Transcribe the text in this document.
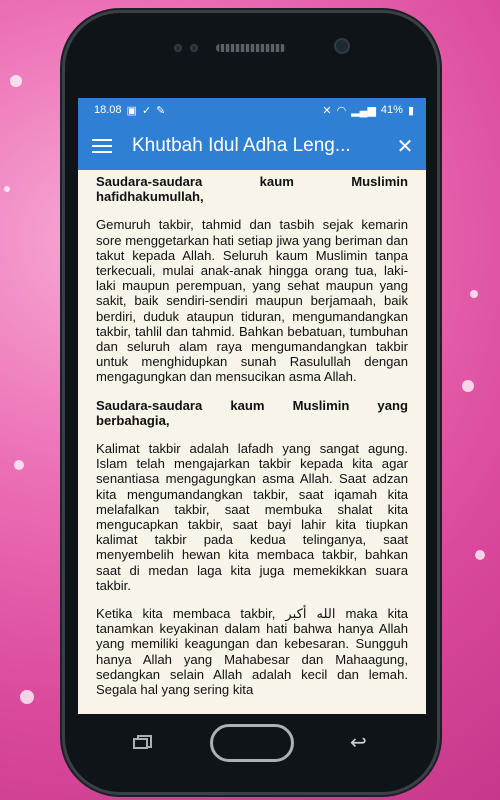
18.08 ▣ ✓ ✎	✕ ◠ ▂▄▆ 41% ▮
Khutbah Idul Adha Leng...	✕

Saudara-saudara kaum Muslimin hafidhakumullah,

Gemuruh takbir, tahmid dan tasbih sejak kemarin sore menggetarkan hati setiap jiwa yang beriman dan takut kepada Allah. Seluruh kaum Muslimin tanpa terkecuali, mulai anak-anak hingga orang tua, laki-laki maupun perempuan, yang sehat maupun yang sakit, baik sendiri-sendiri maupun berjamaah, baik berdiri, duduk ataupun tiduran, mengumandangkan takbir, tahlil dan tahmid. Bahkan bebatuan, tumbuhan dan seluruh alam raya mengumandangkan takbir untuk menghidupkan sunah Rasulullah dengan mengagungkan dan mensucikan asma Allah.

Saudara-saudara kaum Muslimin yang berbahagia,

Kalimat takbir adalah lafadh yang sangat agung. Islam telah mengajarkan takbir kepada kita agar senantiasa mengagungkan asma Allah. Saat adzan kita mengumandangkan takbir, saat iqamah kita melafalkan takbir, saat membuka shalat kita mengucapkan takbir, saat bayi lahir kita tiupkan kalimat takbir pada kedua telinganya, saat menyembelih hewan kita membaca takbir, bahkan saat di medan laga kita juga memekikkan suara takbir.

Ketika kita membaca takbir, الله أكبر maka kita tanamkan keyakinan dalam hati bahwa hanya Allah yang memiliki keagungan dan kebesaran. Sungguh hanya Allah yang Mahabesar dan Mahaagung, sedangkan selain Allah adalah kecil dan lemah. Segala hal yang sering kita

↩
